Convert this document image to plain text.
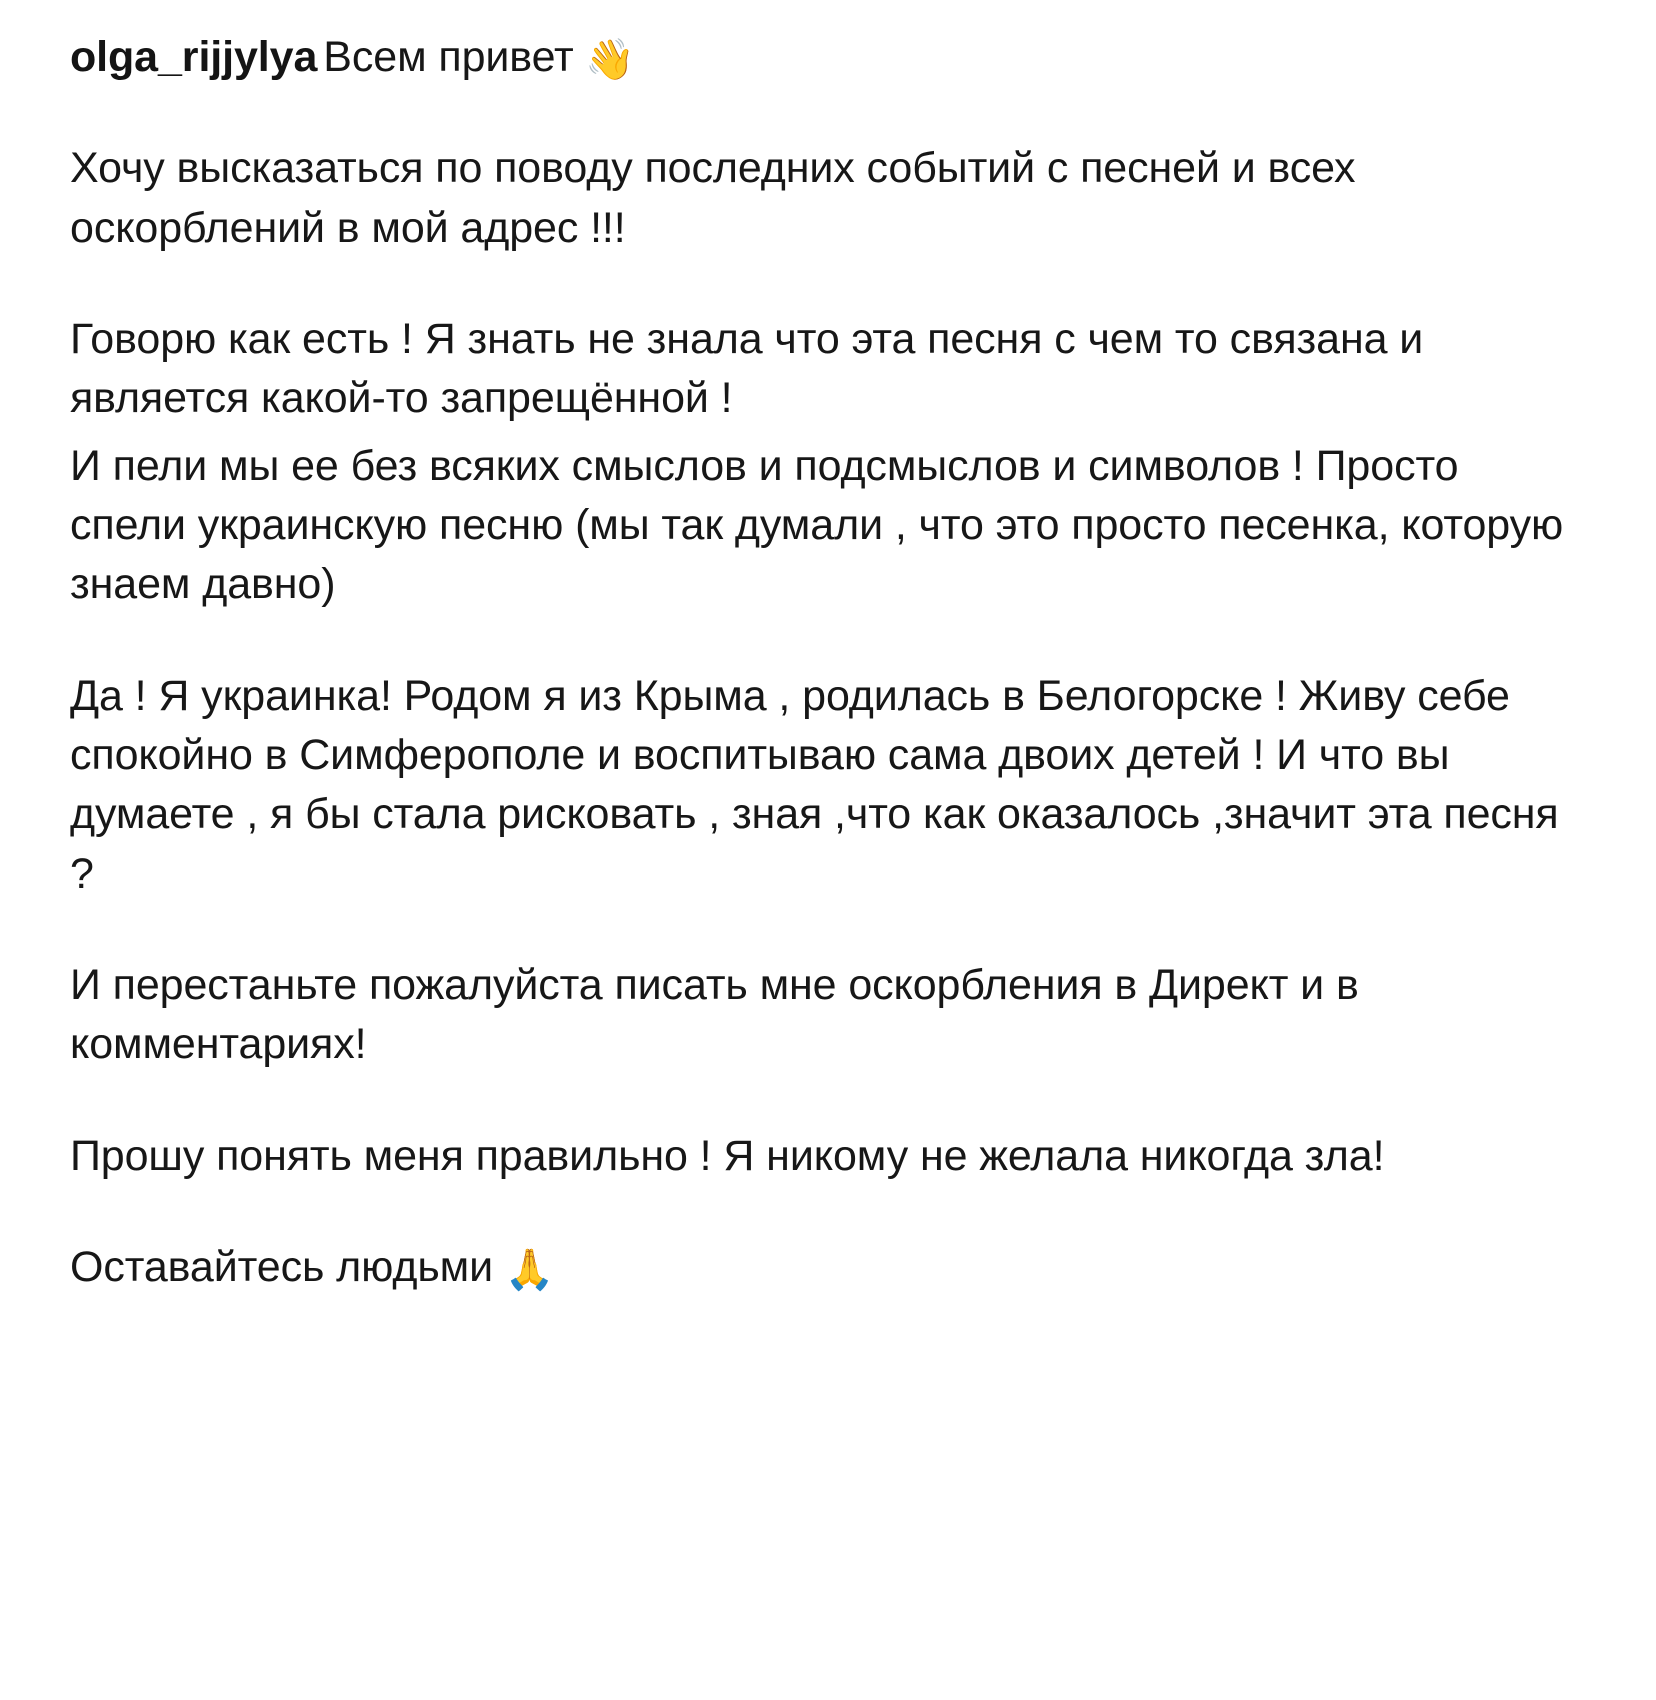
olga_rijjylya Всем привет 👋

Хочу высказаться по поводу последних событий с песней и всех оскорблений в мой адрес !!!

Говорю как есть ! Я знать не знала что эта песня с чем то связана и является какой-то запрещённой !

И пели мы ее без всяких смыслов и подсмыслов и символов ! Просто спели украинскую песню (мы так думали , что это просто песенка, которую знаем давно)

Да ! Я украинка! Родом я из Крыма , родилась в Белогорске ! Живу себе спокойно в Симферополе и воспитываю сама двоих детей ! И что вы думаете , я бы стала рисковать , зная ,что как оказалось ,значит эта песня ?

И перестаньте пожалуйста писать мне оскорбления в Директ и в комментариях!

Прошу понять меня правильно ! Я никому не желала никогда зла!

Оставайтесь людьми 🙏
